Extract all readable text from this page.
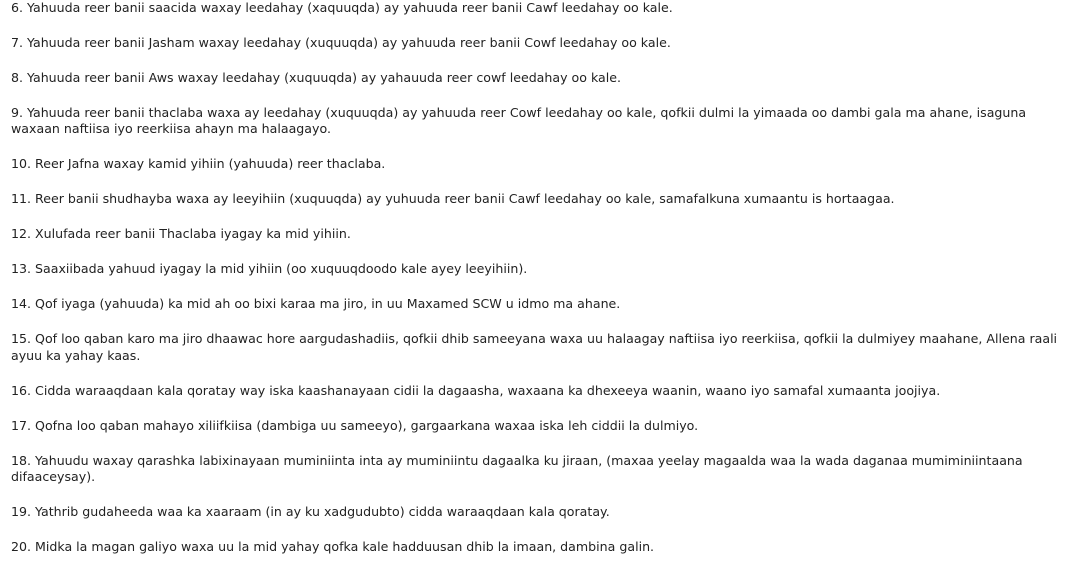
6. Yahuuda reer banii saacida waxay leedahay (xaquuqda) ay yahuuda reer banii Cawf leedahay oo kale.

7. Yahuuda reer banii Jasham waxay leedahay (xuquuqda) ay yahuuda reer banii Cowf leedahay oo kale.

8. Yahuuda reer banii Aws waxay leedahay (xuquuqda) ay yahauuda reer cowf leedahay oo kale.

9. Yahuuda reer banii thaclaba waxa ay leedahay (xuquuqda) ay yahuuda reer Cowf leedahay oo kale, qofkii dulmi la yimaada oo dambi gala ma ahane, isaguna waxaan naftiisa iyo reerkiisa ahayn ma halaagayo.

10. Reer Jafna waxay kamid yihiin (yahuuda) reer thaclaba.

11. Reer banii shudhayba waxa ay leeyihiin (xuquuqda) ay yuhuuda reer banii Cawf leedahay oo kale, samafalkuna xumaantu is hortaagaa.

12. Xulufada reer banii Thaclaba iyagay ka mid yihiin.

13. Saaxiibada yahuud iyagay la mid yihiin (oo xuquuqdoodo kale ayey leeyihiin).

14. Qof iyaga (yahuuda) ka mid ah oo bixi karaa ma jiro, in uu Maxamed SCW u idmo ma ahane.

15. Qof loo qaban karo ma jiro dhaawac hore aargudashadiis, qofkii dhib sameeyana waxa uu halaagay naftiisa iyo reerkiisa, qofkii la dulmiyey maahane, Allena raali ayuu ka yahay kaas.

16. Cidda waraaqdaan kala qoratay way iska kaashanayaan cidii la dagaasha, waxaana ka dhexeeya waanin, waano iyo samafal xumaanta joojiya.

17. Qofna loo qaban mahayo xiliifkiisa (dambiga uu sameeyo), gargaarkana waxaa iska leh ciddii la dulmiyo.

18. Yahuudu waxay qarashka labixinayaan muminiinta inta ay muminiintu dagaalka ku jiraan, (maxaa yeelay magaalda waa la wada daganaa mumiminiintaana difaaceysay).

19. Yathrib gudaheeda waa ka xaaraam (in ay ku xadgudubto) cidda waraaqdaan kala qoratay.

20. Midka la magan galiyo waxa uu la mid yahay qofka kale hadduusan dhib la imaan, dambina galin.
